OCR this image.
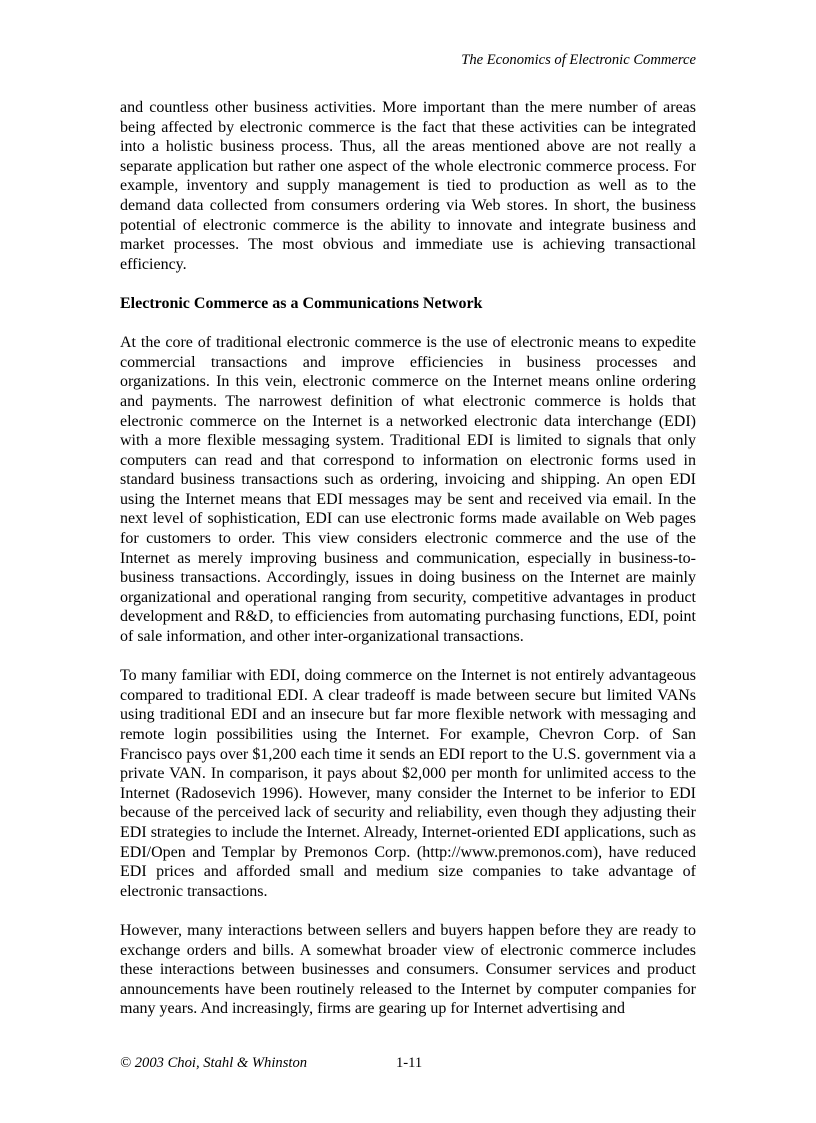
The Economics of Electronic Commerce

and countless other business activities. More important than the mere number of areas being affected by electronic commerce is the fact that these activities can be integrated into a holistic business process. Thus, all the areas mentioned above are not really a separate application but rather one aspect of the whole electronic commerce process. For example, inventory and supply management is tied to production as well as to the demand data collected from consumers ordering via Web stores. In short, the business potential of electronic commerce is the ability to innovate and integrate business and market processes. The most obvious and immediate use is achieving transactional efficiency.

Electronic Commerce as a Communications Network

At the core of traditional electronic commerce is the use of electronic means to expedite commercial transactions and improve efficiencies in business processes and organizations. In this vein, electronic commerce on the Internet means online ordering and payments. The narrowest definition of what electronic commerce is holds that electronic commerce on the Internet is a networked electronic data interchange (EDI) with a more flexible messaging system. Traditional EDI is limited to signals that only computers can read and that correspond to information on electronic forms used in standard business transactions such as ordering, invoicing and shipping. An open EDI using the Internet means that EDI messages may be sent and received via email. In the next level of sophistication, EDI can use electronic forms made available on Web pages for customers to order. This view considers electronic commerce and the use of the Internet as merely improving business and communication, especially in business-to-business transactions. Accordingly, issues in doing business on the Internet are mainly organizational and operational ranging from security, competitive advantages in product development and R&D, to efficiencies from automating purchasing functions, EDI, point of sale information, and other inter-organizational transactions.

To many familiar with EDI, doing commerce on the Internet is not entirely advantageous compared to traditional EDI. A clear tradeoff is made between secure but limited VANs using traditional EDI and an insecure but far more flexible network with messaging and remote login possibilities using the Internet. For example, Chevron Corp. of San Francisco pays over $1,200 each time it sends an EDI report to the U.S. government via a private VAN. In comparison, it pays about $2,000 per month for unlimited access to the Internet (Radosevich 1996). However, many consider the Internet to be inferior to EDI because of the perceived lack of security and reliability, even though they adjusting their EDI strategies to include the Internet. Already, Internet-oriented EDI applications, such as EDI/Open and Templar by Premonos Corp. (http://www.premonos.com), have reduced EDI prices and afforded small and medium size companies to take advantage of electronic transactions.

However, many interactions between sellers and buyers happen before they are ready to exchange orders and bills. A somewhat broader view of electronic commerce includes these interactions between businesses and consumers. Consumer services and product announcements have been routinely released to the Internet by computer companies for many years. And increasingly, firms are gearing up for Internet advertising and

© 2003 Choi, Stahl & Whinston	1-11
